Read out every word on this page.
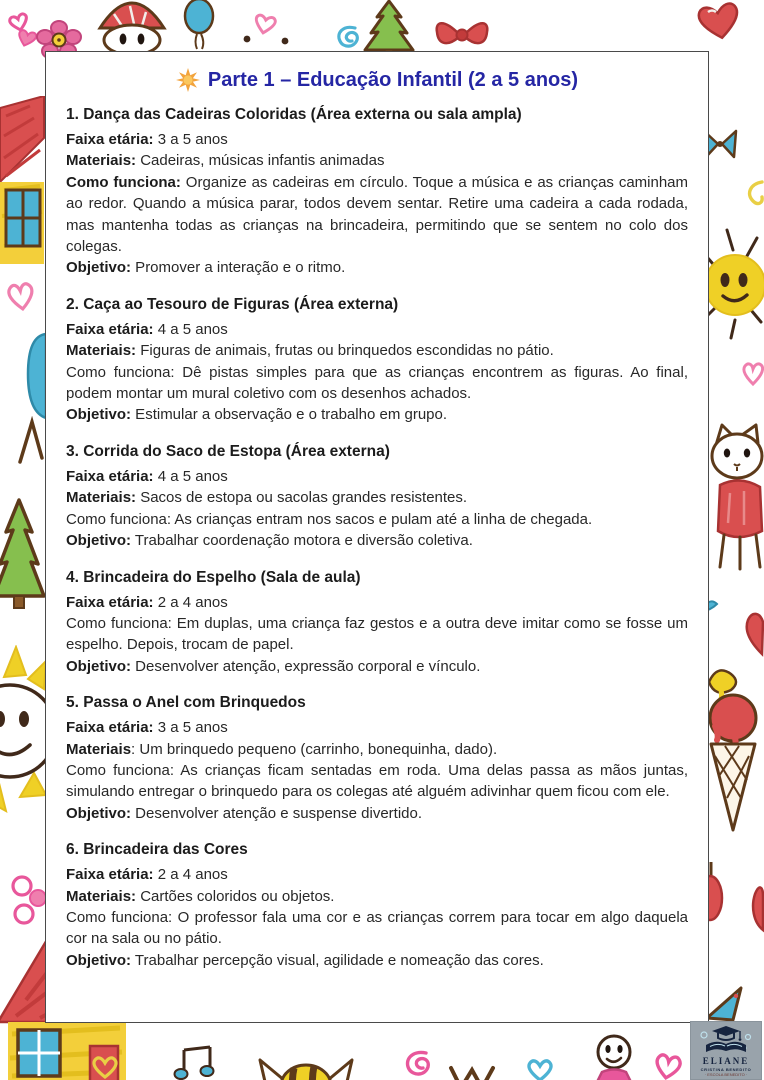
Parte 1 – Educação Infantil (2 a 5 anos)
1. Dança das Cadeiras Coloridas (Área externa ou sala ampla)

Faixa etária: 3 a 5 anos

Materiais: Cadeiras, músicas infantis animadas

Como funciona: Organize as cadeiras em círculo. Toque a música e as crianças caminham ao redor. Quando a música parar, todos devem sentar. Retire uma cadeira a cada rodada, mas mantenha todas as crianças na brincadeira, permitindo que se sentem no colo dos colegas.

Objetivo: Promover a interação e o ritmo.

2. Caça ao Tesouro de Figuras (Área externa)

Faixa etária: 4 a 5 anos

Materiais: Figuras de animais, frutas ou brinquedos escondidas no pátio.

Como funciona: Dê pistas simples para que as crianças encontrem as figuras. Ao final, podem montar um mural coletivo com os desenhos achados.

Objetivo: Estimular a observação e o trabalho em grupo.

3. Corrida do Saco de Estopa (Área externa)

Faixa etária: 4 a 5 anos

Materiais: Sacos de estopa ou sacolas grandes resistentes.

Como funciona: As crianças entram nos sacos e pulam até a linha de chegada.

Objetivo: Trabalhar coordenação motora e diversão coletiva.

4. Brincadeira do Espelho (Sala de aula)

Faixa etária: 2 a 4 anos

Como funciona: Em duplas, uma criança faz gestos e a outra deve imitar como se fosse um espelho. Depois, trocam de papel.

Objetivo: Desenvolver atenção, expressão corporal e vínculo.

5. Passa o Anel com Brinquedos

Faixa etária: 3 a 5 anos

Materiais: Um brinquedo pequeno (carrinho, bonequinha, dado).

Como funciona: As crianças ficam sentadas em roda. Uma delas passa as mãos juntas, simulando entregar o brinquedo para os colegas até alguém adivinhar quem ficou com ele.

Objetivo: Desenvolver atenção e suspense divertido.

6. Brincadeira das Cores

Faixa etária: 2 a 4 anos

Materiais: Cartões coloridos ou objetos.

Como funciona: O professor fala uma cor e as crianças correm para tocar em algo daquela cor na sala ou no pátio.

Objetivo: Trabalhar percepção visual, agilidade e nomeação das cores.

ELIANE
CRISTINA BENEDITO
· ESCOLA BENEDITO ·
